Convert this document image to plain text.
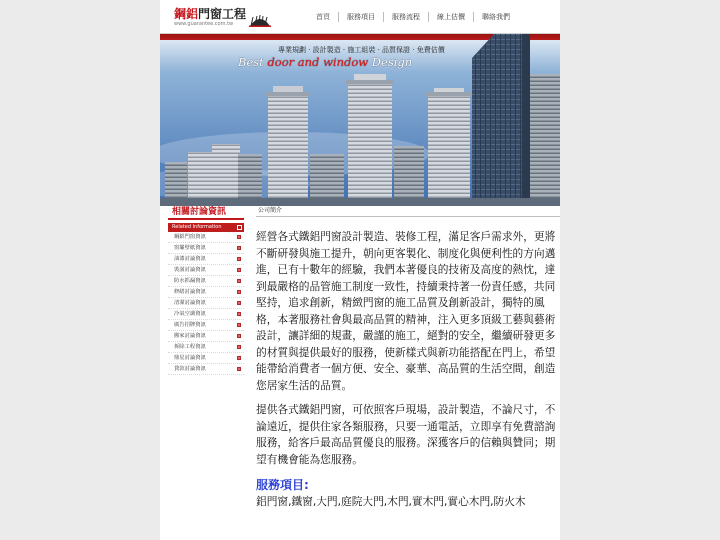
鋼鋁門窗工程
www.guarantee.com.tw
首頁	服務項目	服務流程	線上估價	聯絡我們
專業規劃 · 設計製造 · 施工組裝 · 品質保證 · 免費估價
Best door and window Design
相關討論資訊
Related Information
鋼鋁門窗資訊
窗簾壁紙資訊
油漆討論資訊
裝潢討論資訊
防水抓漏資訊
修繕討論資訊
清潔討論資訊
冷氣空調資訊
廣告招牌資訊
搬家討論資訊
拆除工程資訊
鼎星討論資訊
貸款討論資訊
公司簡介

經營各式鐵鋁門窗設計製造、裝修工程，滿足客戶需求外，更將不斷研發與施工提升，朝向更客製化、制度化與便利性的方向邁進，已有十數年的經驗，我們本著優良的技術及高度的熱忱，達到最嚴格的品管施工制度一致性，持續秉持著一份責任感，共同堅持，追求創新，精緻門窗的施工品質及創新設計，獨特的風格，本著服務社會與最高品質的精神，注入更多頂級工藝與藝術設計，讓詳細的規畫，嚴謹的施工，絕對的安全，繼續研發更多的材質與提供最好的服務，使新樣式與新功能搭配在門上，希望能帶給消費者一個方便、安全、豪華、高品質的生活空間，創造您居家生活的品質。

提供各式鐵鋁門窗，可依照客戶現場，設計製造，不論尺寸，不論遠近，提供住家各類服務，只要一通電話，立即享有免費諮詢服務，給客戶最高品質優良的服務。深獲客戶的信賴與贊同；期望有機會能為您服務。

服務項目:
鋁門窗,鐵窗,大門,庭院大門,木門,實木門,實心木門,防火木
